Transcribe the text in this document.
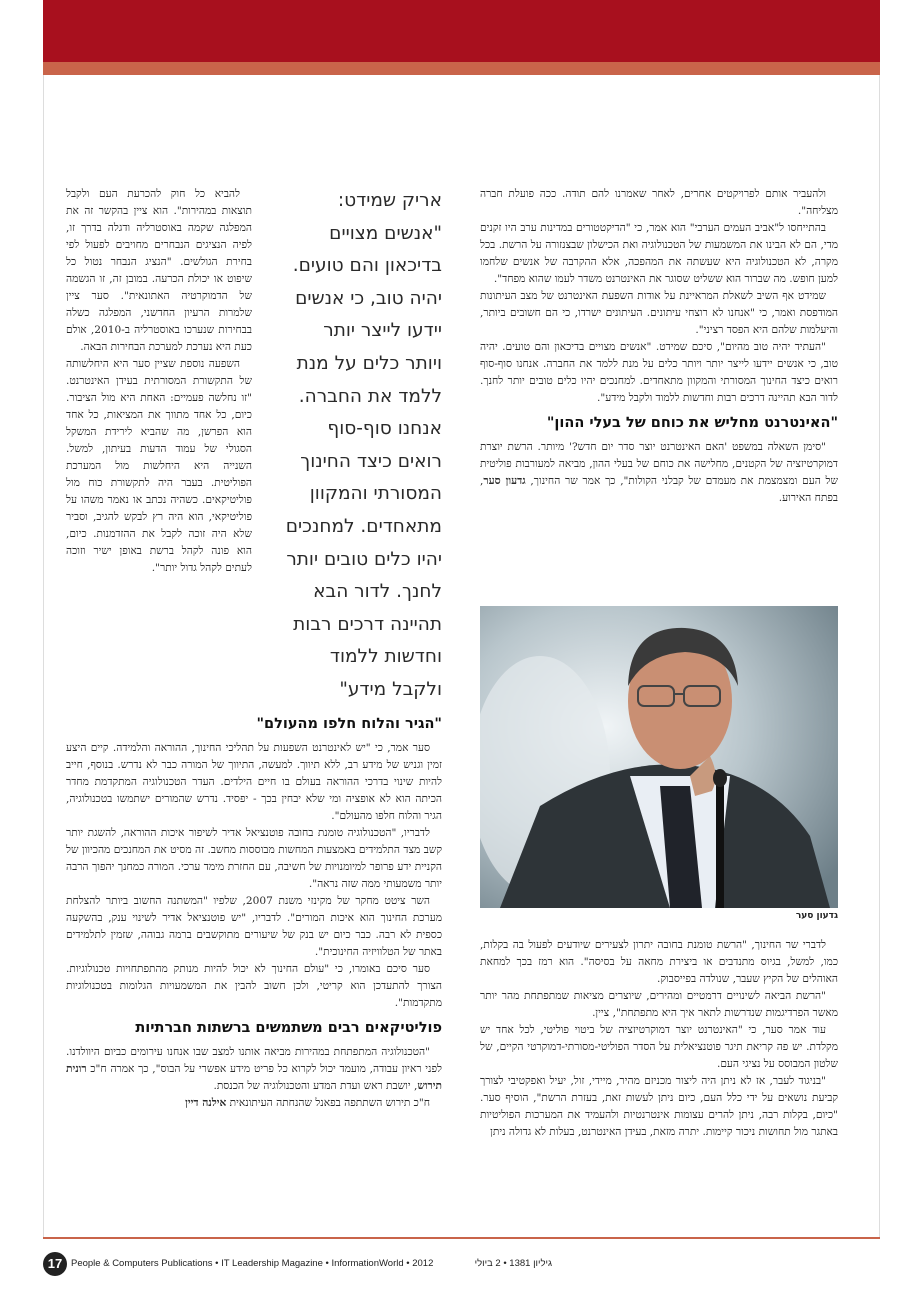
ולהעביר אותם לפרויקטים אחרים, לאחר שאמרנו להם תודה. ככה פועלת חברה מצליחה".

בהתייחסו ל"אביב העמים הערבי" הוא אמר, כי "הדיקטטורים במדינות ערב היו זקנים מדי, הם לא הבינו את המשמעות של הטכנולוגיה ואת הכישלון שבצנזורה על הרשת. בכל מקרה, לא הטכנולוגיה היא שעשתה את המהפכה, אלא ההקרבה של אנשים שלחמו למען חופש. מה שברור הוא ששליט שסוגר את האינטרנט משדר לעמו שהוא מפחד".

שמידט אף השיב לשאלת המראיינת על אודות השפעת האינטרנט של מצב העיתונות המודפסת ואמר, כי "אנחנו לא רוצחי עיתונים. העיתונים ישרדו, כי הם חשובים ביותר, והיעלמות שלהם היא הפסד רציני".

"העתיד יהיה טוב מהיום", סיכם שמידט. "אנשים מצויים בדיכאון והם טועים. יהיה טוב, כי אנשים יידעו לייצר יותר ויותר כלים על מנת ללמד את החברה. אנחנו סוף-סוף רואים כיצד החינוך המסורתי והמקוון מתאחדים. למחנכים יהיו כלים טובים יותר לחנך. לדור הבא תהיינה דרכים רבות וחדשות ללמוד ולקבל מידע".

"האינטרנט מחליש את כוחם של בעלי ההון"

"סימן השאלה במשפט 'האם האינטרנט יוצר סדר יום חדש?' מיותר. הרשת יוצרת דמוקרטיזציה של הקטנים, מחלישה את כוחם של בעלי ההון, מביאה למעורבות פוליטית של העם ומצמצמת את מעמדם של קבלני הקולות", כך אמר שר החינוך, גדעון סער, בפתח האירוע.

גדעון סער

לדברי שר החינוך, "הרשת טומנת בחובה יתרון לצעירים שיודעים לפעול בה בקלות, כמו, למשל, בגיוס מתנדבים או ביצירת מחאה על בסיסה". הוא רמז בכך למחאת האוהלים של הקיץ שעבר, שנולדה בפייסבוק.

"הרשת הביאה לשינויים דרמטיים ומהירים, שיוצרים מציאות שמתפתחת מהר יותר מאשר הפרדיגמות שנדרשות לתאר איך היא מתפתחת", ציין.

עוד אמר סער, כי "האינטרנט יוצר דמוקרטיזציה של ביטוי פוליטי, לכל אחד יש מקלדת. יש פה קריאת תיגר פוטנציאלית על הסדר הפוליטי-מסורתי-דמוקרטי הקיים, של שלטון המבוסס על נציגי העם.

"בניגוד לעבר, אז לא ניתן היה ליצור מכניזם מהיר, מיידי, זול, יעיל ואפקטיבי לצורך קביעת נושאים על ידי כלל העם, כיום ניתן לעשות זאת, בעזרת הרשת", הוסיף סער. "כיום, בקלות רבה, ניתן להרים עצומות אינטרנטיות ולהעמיד את המערכות הפוליטיות באתגר מול תחושות ניכור קיימות. יתרה מזאת, בעידן האינטרנט, בעלות לא גדולה ניתן

אריק שמידט: "אנשים מצויים בדיכאון והם טועים. יהיה טוב, כי אנשים יידעו לייצר יותר ויותר כלים על מנת ללמד את החברה. אנחנו סוף-סוף רואים כיצד החינוך המסורתי והמקוון מתאחדים. למחנכים יהיו כלים טובים יותר לחנך. לדור הבא תהיינה דרכים רבות וחדשות ללמוד ולקבל מידע"

להביא כל חוק להכרעת העם ולקבל תוצאות במהירות". הוא ציין בהקשר זה את המפלגה שקמה באוסטרליה ודגלה בדרך זו, לפיה הנציגים הנבחרים מחויבים לפעול לפי בחירת הגולשים. "הנציג הנבחר נטול כל שיפוט או יכולת הכרעה. במובן זה, זו הגשמה של הדמוקרטיה האתונאית". סער ציין שלמרות הרעיון החדשני, המפלגה כשלה בבחירות שנערכו באוסטרליה ב-2010, אולם כעת היא נערכת למערכת הבחירות הבאה.

השפעה נוספת שציין סער היא היחלשותה של התקשורת המסורתית בעידן האינטרנט. "זו נחלשה פעמיים: האחת היא מול הציבור. כיום, כל אחד מתווך את המציאות, כל אחד הוא הפרשן, מה שהביא לירידת המשקל הסגולי של עמוד הדעות בעיתון, למשל. השנייה היא היחלשות מול המערכת הפוליטית. בעבר היה לתקשורת כוח מול פוליטיקאים. כשהיה נכתב או נאמר משהו על פוליטיקאי, הוא היה רץ לבקש להגיב, וסביר שלא היה זוכה לקבל את ההזדמנות. כיום, הוא פונה לקהל ברשת באופן ישיר וזוכה לעתים לקהל גדול יותר".

"הגיר והלוח חלפו מהעולם"

סער אמר, כי "יש לאינטרנט השפעות על תהליכי החינוך, ההוראה והלמידה. קיים היצע זמין וגניש של מידע רב, ללא תיווך. למעשה, התיווך של המורה כבר לא נדרש. בנוסף, חייב להיות שינוי בדרכי ההוראה בעולם בו חיים הילדים. העדר הטכנולוגיה המתקדמת מחדר הכיתה הוא לא אופציה ומי שלא יבחין בכך - יפסיד. נדרש שהמורים ישתמשו בטכנולוגיה, הגיר והלוח חלפו מהעולם".

לדבריו, "הטכנולוגיה טומנת בחובה פוטנציאל אדיר לשיפור איכות ההוראה, להשגת יותר קשב מצד התלמידים באמצעות המחשות מבוססות מחשב. זה מסיט את המחנכים מהכיוון של הקניית ידע פרופר למיומנויות של חשיבה, עם החזרת מימד ערכי. המורה כמחנך יהפוך הרבה יותר משמעותי ממה שזה נראה".

השר ציטט מחקר של מקינזי משנת 2007, שלפיו "המשתנה החשוב ביותר להצלחת מערכת החינוך הוא איכות המורים". לדבריו, "יש פוטנציאל אדיר לשינוי ענק, בהשקעה כספית לא רבה. כבר כיום יש בנק של שיעורים מתוקשבים ברמה גבוהה, שזמין לתלמידים באתר של הטלוויזיה החינוכית".

סער סיכם באומרו, כי "עולם החינוך לא יכול להיות מנותק מהתפתחויות טכנולוגיות. הצורך להתעדכן הוא קריטי, ולכן חשוב להבין את המשמעויות הגלומות בטכנולוגיות מתקדמות".

פוליטיקאים רבים משתמשים ברשתות חברתיות

"הטכנולוגיה המתפתחת במהירות מביאה אותנו למצב שבו אנחנו עירומים כביום היוולדנו. לפני ראיון עבודה, מועמד יכול לקרוא כל פריט מידע אפשרי על הבוס", כך אמרה ח"כ רונית תירוש, יושבת ראש ועדת המדע והטכנולוגיה של הכנסת.

ח"כ תירוש השתתפה בפאנל שהנחתה העיתונאית אילנה דיין

17 People & Computers Publications • IT Leadership Magazine • InformationWorld • 2012	גיליון 1381 • 2 ביולי
